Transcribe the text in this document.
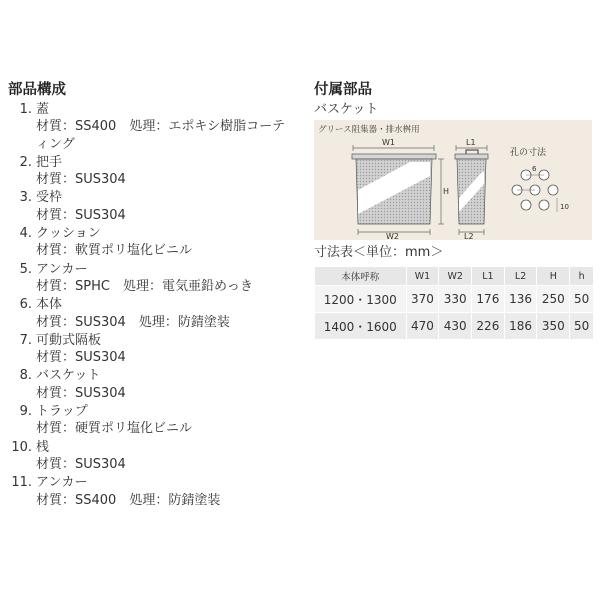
部品構成
1. 蓋
材質：SS400　処理：エポキシ樹脂コーティング
2. 把手
材質：SUS304
3. 受枠
材質：SUS304
4. クッション
材質：軟質ポリ塩化ビニル
5. アンカー
材質：SPHC　処理：電気亜鉛めっき
6. 本体
材質：SUS304　処理：防錆塗装
7. 可動式隔板
材質：SUS304
8. バスケット
材質：SUS304
9. トラップ
材質：硬質ポリ塩化ビニル
10. 桟
材質：SUS304
11. アンカー
材質：SS400　処理：防錆塗装
付属部品
バスケット
グリース阻集器・排水桝用
孔の寸法
W1
H
W2
L1
L2
6
10
寸法表＜単位：mm＞
本体呼称	W1	W2	L1	L2	H	h
1200・1300	370	330	176	136	250	50
1400・1600	470	430	226	186	350	50
